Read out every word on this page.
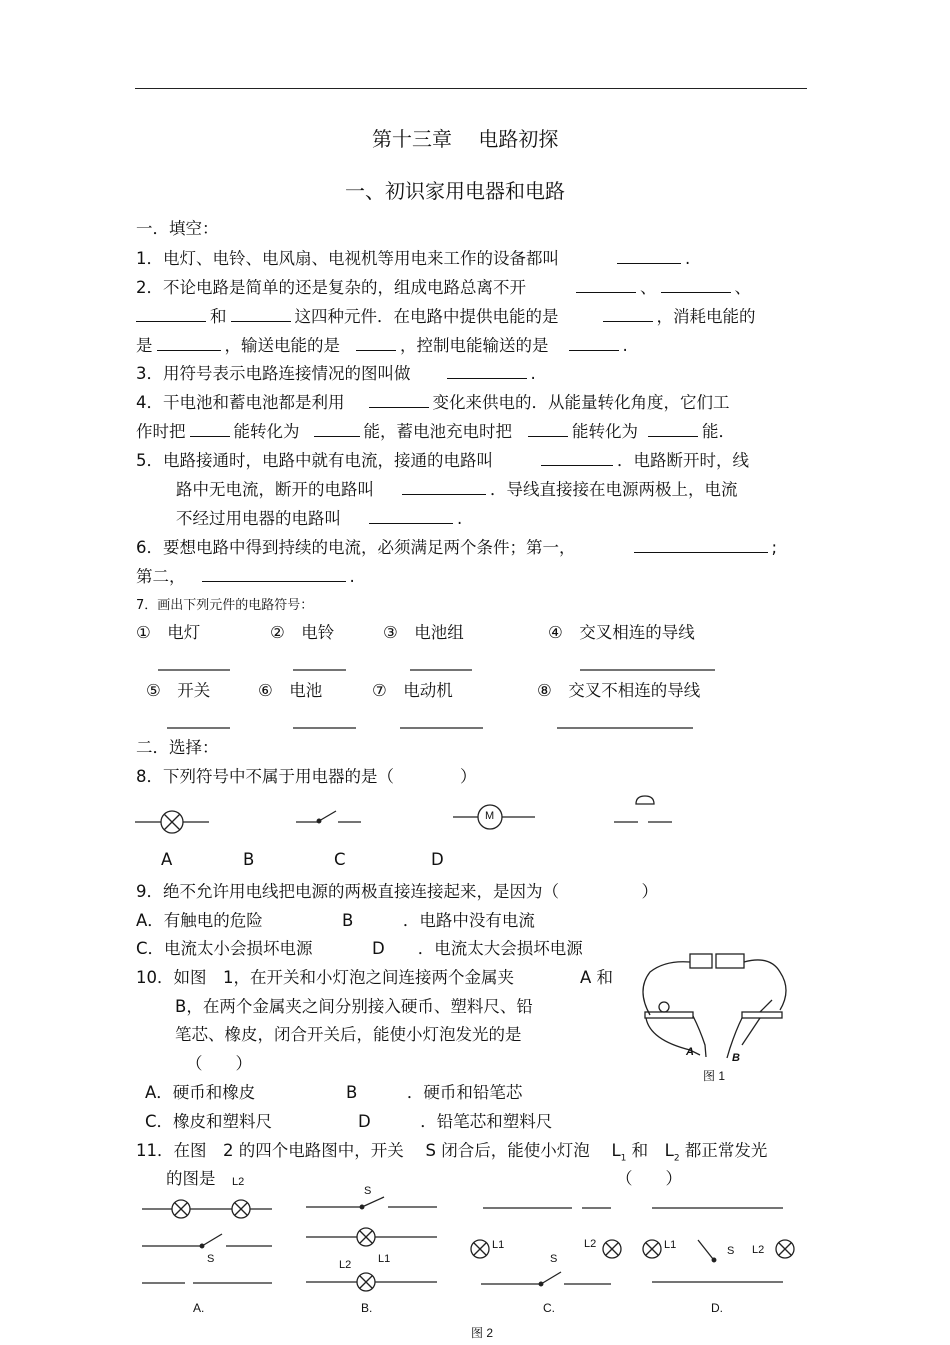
第十三章　 电路初探
一、初识家用电器和电路
一．填空：
1．电灯、电铃、电风扇、电视机等用电来工作的设备都叫	.
2．不论电路是简单的还是复杂的，组成电路总离不开	、	、
和	这四种元件．在电路中提供电能的是	，消耗电能的
是	，输送电能的是	，控制电能输送的是	.
3．用符号表示电路连接情况的图叫做	.
4．干电池和蓄电池都是利用	变化来供电的．从能量转化角度，它们工
作时把	能转化为	能，蓄电池充电时把	能转化为	能．
5．电路接通时，电路中就有电流，接通的电路叫	．电路断开时，线
路中无电流，断开的电路叫	．导线直接接在电源两极上，电流
不经过用电器的电路叫	.
6．要想电路中得到持续的电流，必须满足两个条件；第一，	;
第二，	.
7．画出下列元件的电路符号：
①　电灯	②　电铃	③　电池组	④　交叉相连的导线
⑤　开关	⑥　电池	⑦　电动机	⑧　交叉不相连的导线
二．选择：
8．下列符号中不属于用电器的是（　　　　）
M
A	B	C	D
9．绝不允许用电线把电源的两极直接连接起来，是因为（　　　　　）
A．有触电的危险	B　　　．电路中没有电流
C．电流太小会损坏电源	D　　．电流太大会损坏电源
10．如图　1，在开关和小灯泡之间连接两个金属夹	A 和
B，在两个金属夹之间分别接入硬币、塑料尺、铅
笔芯、橡皮，闭合开关后，能使小灯泡发光的是
（　　）
A．硬币和橡皮	B　　　．硬币和铅笔芯
C．橡皮和塑料尺	D　　　．铅笔芯和塑料尺
A	B
图 1
11．在图　2 的四个电路图中，开关　 S 闭合后，能使小灯泡　 $L_1$ 和　$L_2$ 都正常发光
的图是	（　　）
L2
S
A.
S
L1
L2
B.
L1	L2
S
C.
L1	S L2
D.
图 2
